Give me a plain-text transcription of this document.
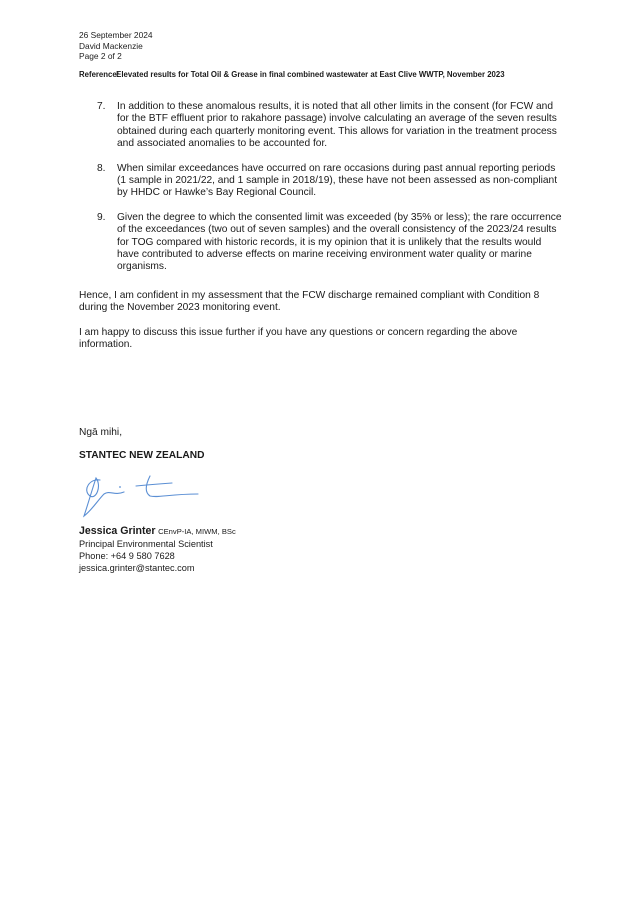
26 September 2024
David Mackenzie
Page 2 of 2
Reference: Elevated results for Total Oil & Grease in final combined wastewater at East Clive WWTP, November 2023
7. In addition to these anomalous results, it is noted that all other limits in the consent (for FCW and for the BTF effluent prior to rakahore passage) involve calculating an average of the seven results obtained during each quarterly monitoring event. This allows for variation in the treatment process and associated anomalies to be accounted for.
8. When similar exceedances have occurred on rare occasions during past annual reporting periods (1 sample in 2021/22, and 1 sample in 2018/19), these have not been assessed as non-compliant by HHDC or Hawke’s Bay Regional Council.
9. Given the degree to which the consented limit was exceeded (by 35% or less); the rare occurrence of the exceedances (two out of seven samples) and the overall consistency of the 2023/24 results for TOG compared with historic records, it is my opinion that it is unlikely that the results would have contributed to adverse effects on marine receiving environment water quality or marine organisms.
Hence, I am confident in my assessment that the FCW discharge remained compliant with Condition 8 during the November 2023 monitoring event.
I am happy to discuss this issue further if you have any questions or concern regarding the above information.
Ngā mihi,
STANTEC NEW ZEALAND
Jessica Grinter CEnvP-IA, MIWM, BSc
Principal Environmental Scientist
Phone: +64 9 580 7628
jessica.grinter@stantec.com
